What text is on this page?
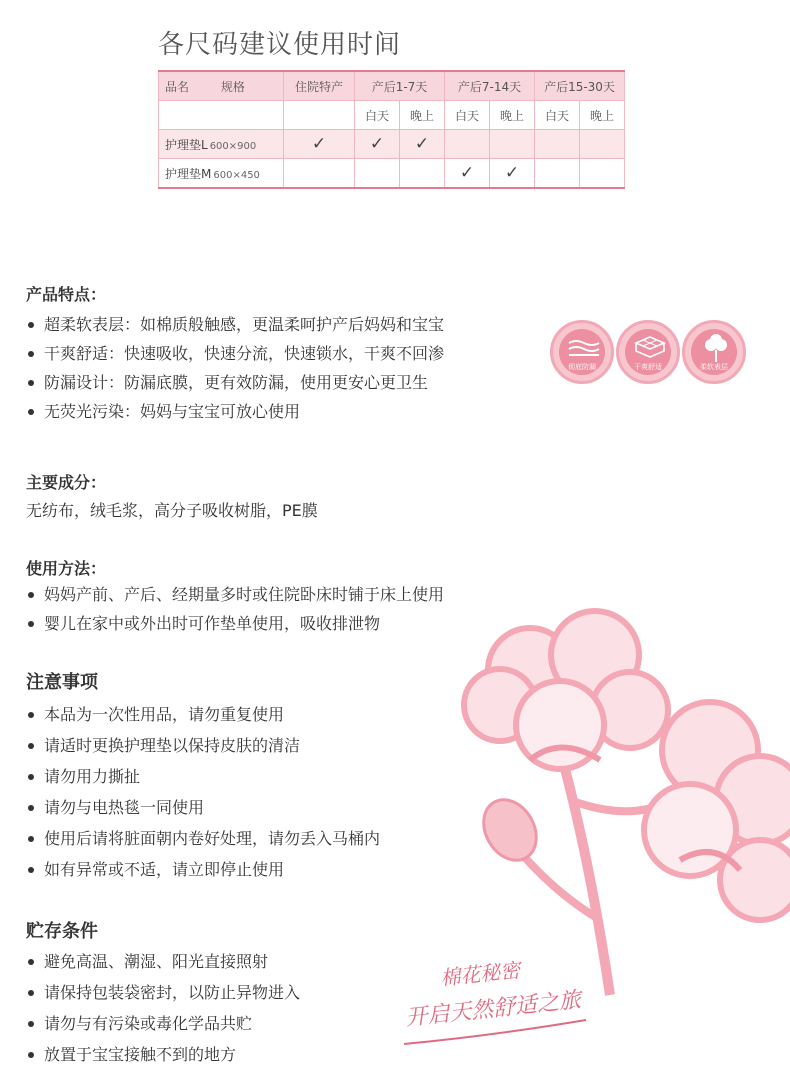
各尺码建议使用时间
品名 规格	住院特产	产后1-7天		产后7-14天		产后15-30天	
		白天	晚上	白天	晚上	白天	晚上
护理垫L 600×900	✓	✓	✓				
护理垫M 600×450				✓	✓		
产品特点：
超柔软表层：如棉质般触感，更温柔呵护产后妈妈和宝宝
干爽舒适：快速吸收，快速分流，快速锁水，干爽不回渗
防漏设计：防漏底膜，更有效防漏，使用更安心更卫生
无荧光污染：妈妈与宝宝可放心使用
彻底防漏	干爽舒适	柔软表层
主要成分：
无纺布，绒毛浆，高分子吸收树脂，PE膜
使用方法：
妈妈产前、产后、经期量多时或住院卧床时铺于床上使用
婴儿在家中或外出时可作垫单使用，吸收排泄物
注意事项
本品为一次性用品，请勿重复使用
请适时更换护理垫以保持皮肤的清洁
请勿用力撕扯
请勿与电热毯一同使用
使用后请将脏面朝内卷好处理，请勿丢入马桶内
如有异常或不适，请立即停止使用
贮存条件
避免高温、潮湿、阳光直接照射
请保持包装袋密封，以防止异物进入
请勿与有污染或毒化学品共贮
放置于宝宝接触不到的地方
棉花秘密
开启天然舒适之旅
